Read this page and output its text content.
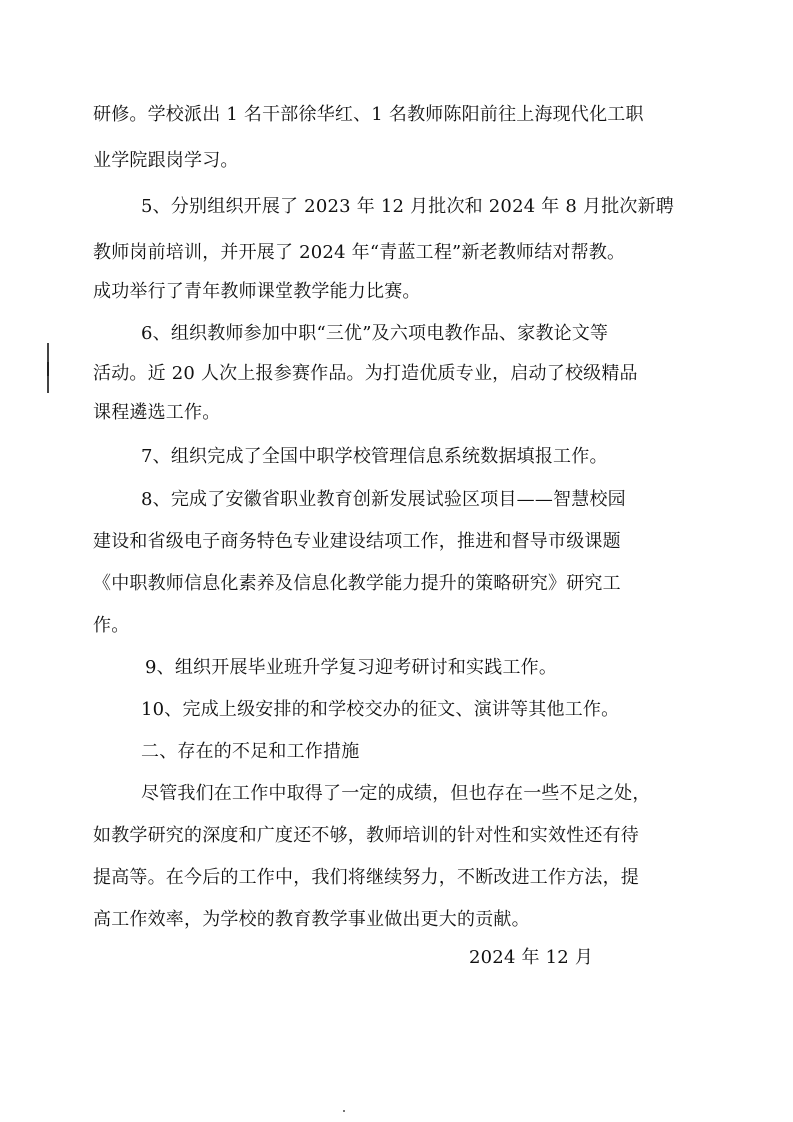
研修。学校派出 1 名干部徐华红、1 名教师陈阳前往上海现代化工职
业学院跟岗学习。
5、分别组织开展了 2023 年 12 月批次和 2024 年 8 月批次新聘
教师岗前培训，并开展了 2024 年“青蓝工程”新老教师结对帮教。
成功举行了青年教师课堂教学能力比赛。
6、组织教师参加中职“三优”及六项电教作品、家教论文等
活动。近 20 人次上报参赛作品。为打造优质专业，启动了校级精品
课程遴选工作。
7、组织完成了全国中职学校管理信息系统数据填报工作。
8、完成了安徽省职业教育创新发展试验区项目——智慧校园
建设和省级电子商务特色专业建设结项工作，推进和督导市级课题
《中职教师信息化素养及信息化教学能力提升的策略研究》研究工
作。
9、组织开展毕业班升学复习迎考研讨和实践工作。
10、完成上级安排的和学校交办的征文、演讲等其他工作。
二、存在的不足和工作措施
尽管我们在工作中取得了一定的成绩，但也存在一些不足之处，
如教学研究的深度和广度还不够，教师培训的针对性和实效性还有待
提高等。在今后的工作中，我们将继续努力，不断改进工作方法，提
高工作效率，为学校的教育教学事业做出更大的贡献。
2024 年 12 月
